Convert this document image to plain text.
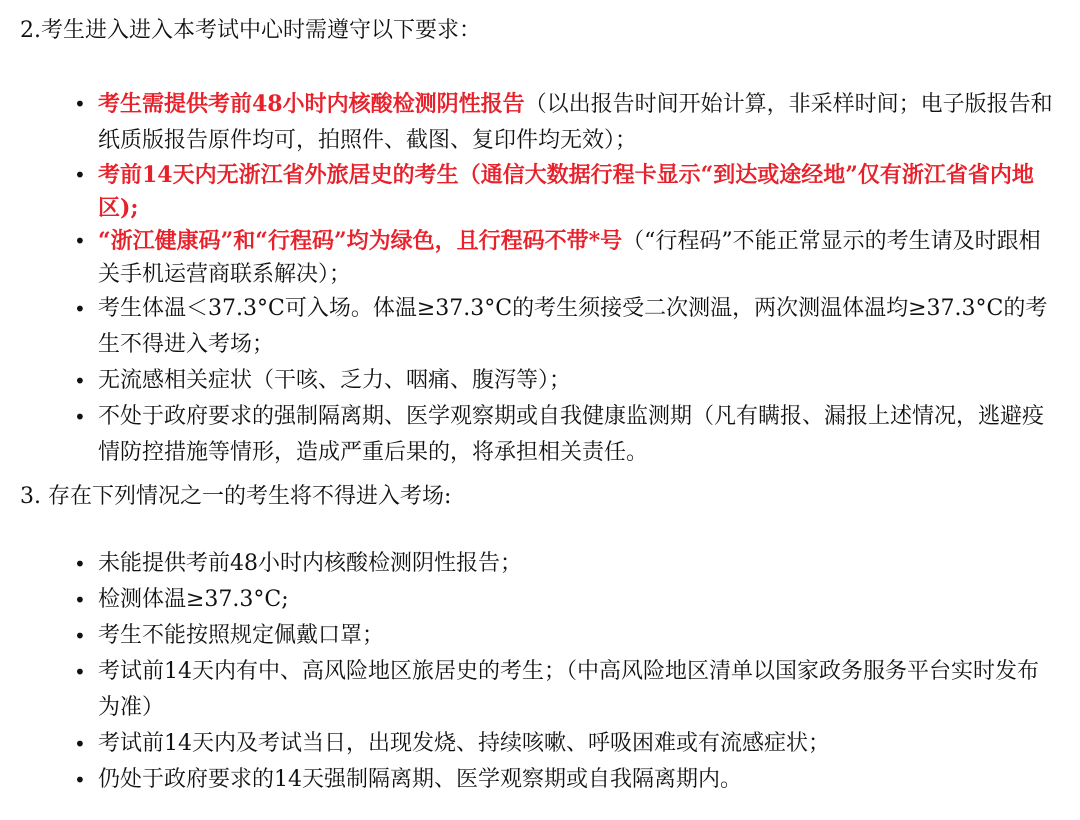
2.考生进入进入本考试中心时需遵守以下要求：
• 考生需提供考前48小时内核酸检测阴性报告（以出报告时间开始计算，非采样时间；电子版报告和纸质版报告原件均可，拍照件、截图、复印件均无效）；
• 考前14天内无浙江省外旅居史的考生（通信大数据行程卡显示“到达或途经地”仅有浙江省省内地区);
• “浙江健康码”和“行程码”均为绿色，且行程码不带*号（“行程码”不能正常显示的考生请及时跟相关手机运营商联系解决）；
• 考生体温＜37.3°C可入场。体温≥37.3°C的考生须接受二次测温，两次测温体温均≥37.3°C的考生不得进入考场；
• 无流感相关症状（干咳、乏力、咽痛、腹泻等）；
• 不处于政府要求的强制隔离期、医学观察期或自我健康监测期（凡有瞒报、漏报上述情况，逃避疫情防控措施等情形，造成严重后果的，将承担相关责任。
3. 存在下列情况之一的考生将不得进入考场:
• 未能提供考前48小时内核酸检测阴性报告；
• 检测体温≥37.3°C;
• 考生不能按照规定佩戴口罩；
• 考试前14天内有中、高风险地区旅居史的考生；（中高风险地区清单以国家政务服务平台实时发布为准）
• 考试前14天内及考试当日，出现发烧、持续咳嗽、呼吸困难或有流感症状；
• 仍处于政府要求的14天强制隔离期、医学观察期或自我隔离期内。
